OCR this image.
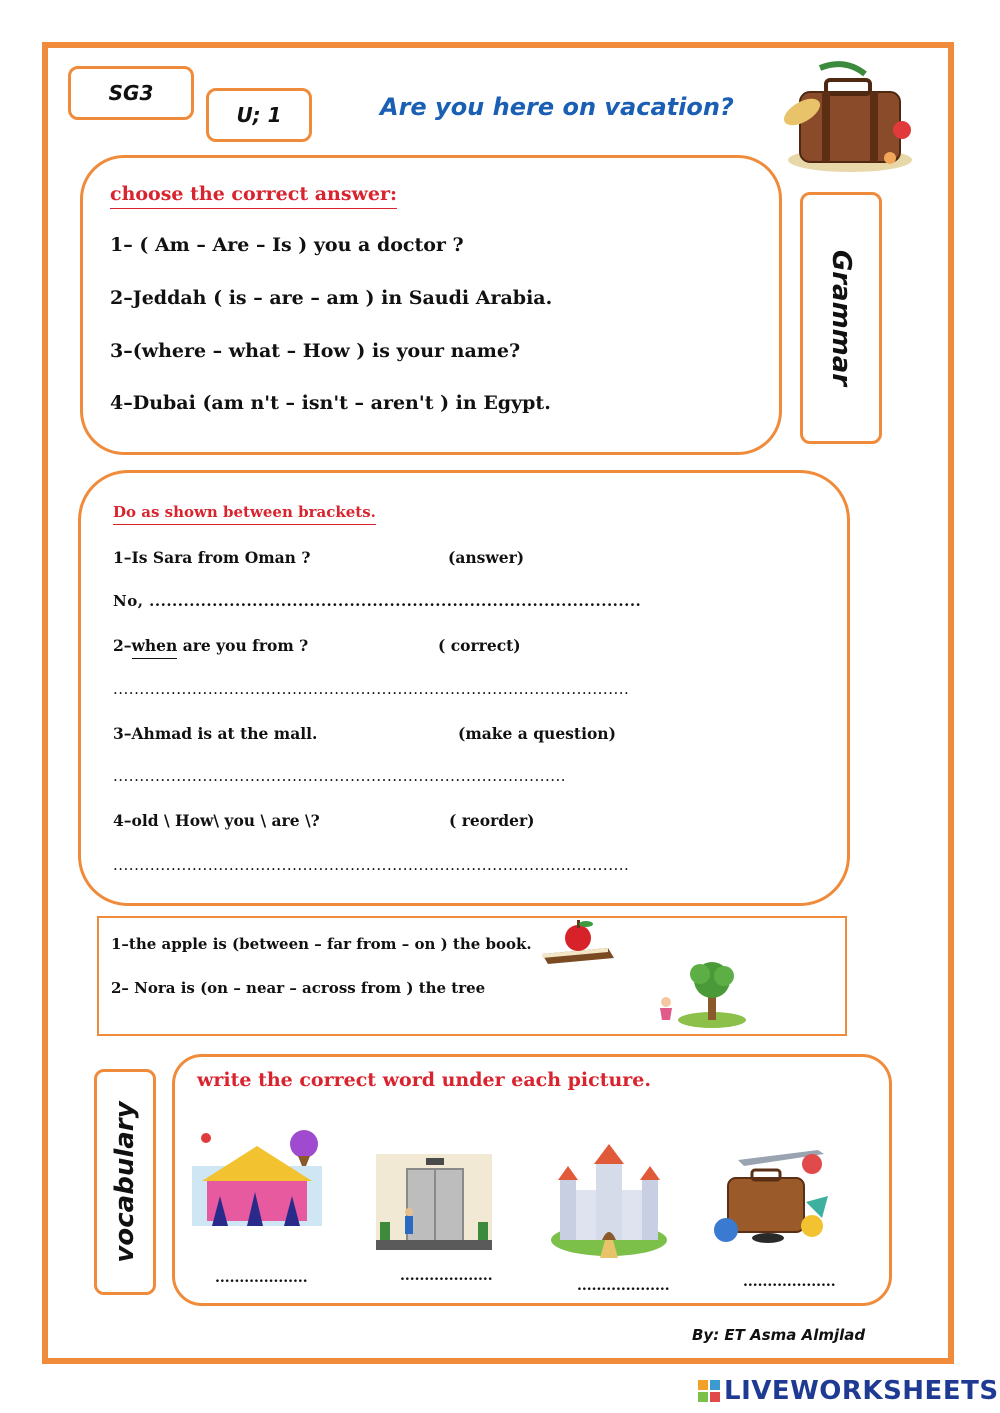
SG3
U; 1	Are you here on vacation?
choose the correct answer:
1– ( Am – Are – Is ) you a doctor ?
2–Jeddah ( is – are – am ) in Saudi Arabia.
3–(where – what – How ) is your name?
4–Dubai (am n't – isn't – aren't ) in Egypt.
Grammar
Do as shown between brackets.
1–Is Sara from Oman ?	(answer)
No, ......................................................................................
2–when are you from ?	( correct)
..................................................................................................
3–Ahmad is at the mall.	(make a question)
......................................................................................
4–old \ How\ you \ are \?	( reorder)
..................................................................................................
1–the apple is (between – far from – on ) the book.
2– Nora is (on – near – across from ) the tree
vocabulary
write the correct word under each picture.
...................	...................
...................	...................
By: ET Asma Almjlad
LIVEWORKSHEETS
